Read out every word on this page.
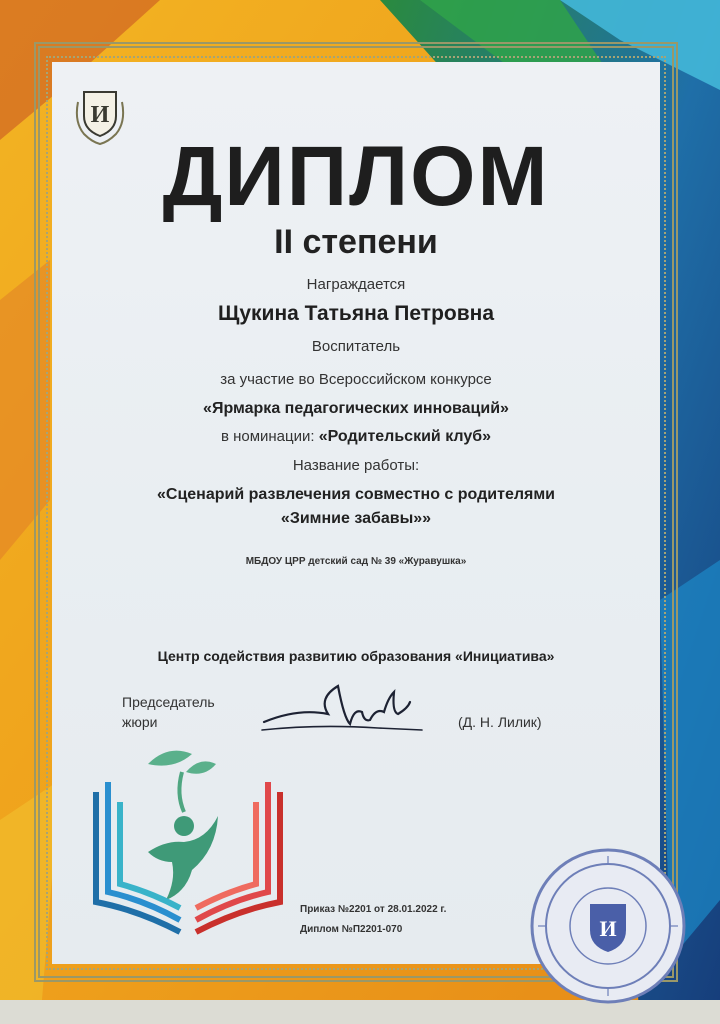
И
ДИПЛОМ
II степени
Награждается
Щукина Татьяна Петровна
Воспитатель
за участие во Всероссийском конкурсе
«Ярмарка педагогических инноваций»
в номинации: «Родительский клуб»
Название работы:
«Сценарий развлечения совместно с родителями
«Зимние забавы»»
МБДОУ ЦРР детский сад № 39 «Журавушка»
Центр содействия развитию образования «Инициатива»
Председатель
жюри	(Д. Н. Лилик)
Приказ №2201 от 28.01.2022 г.
Диплом №П2201-070	И
